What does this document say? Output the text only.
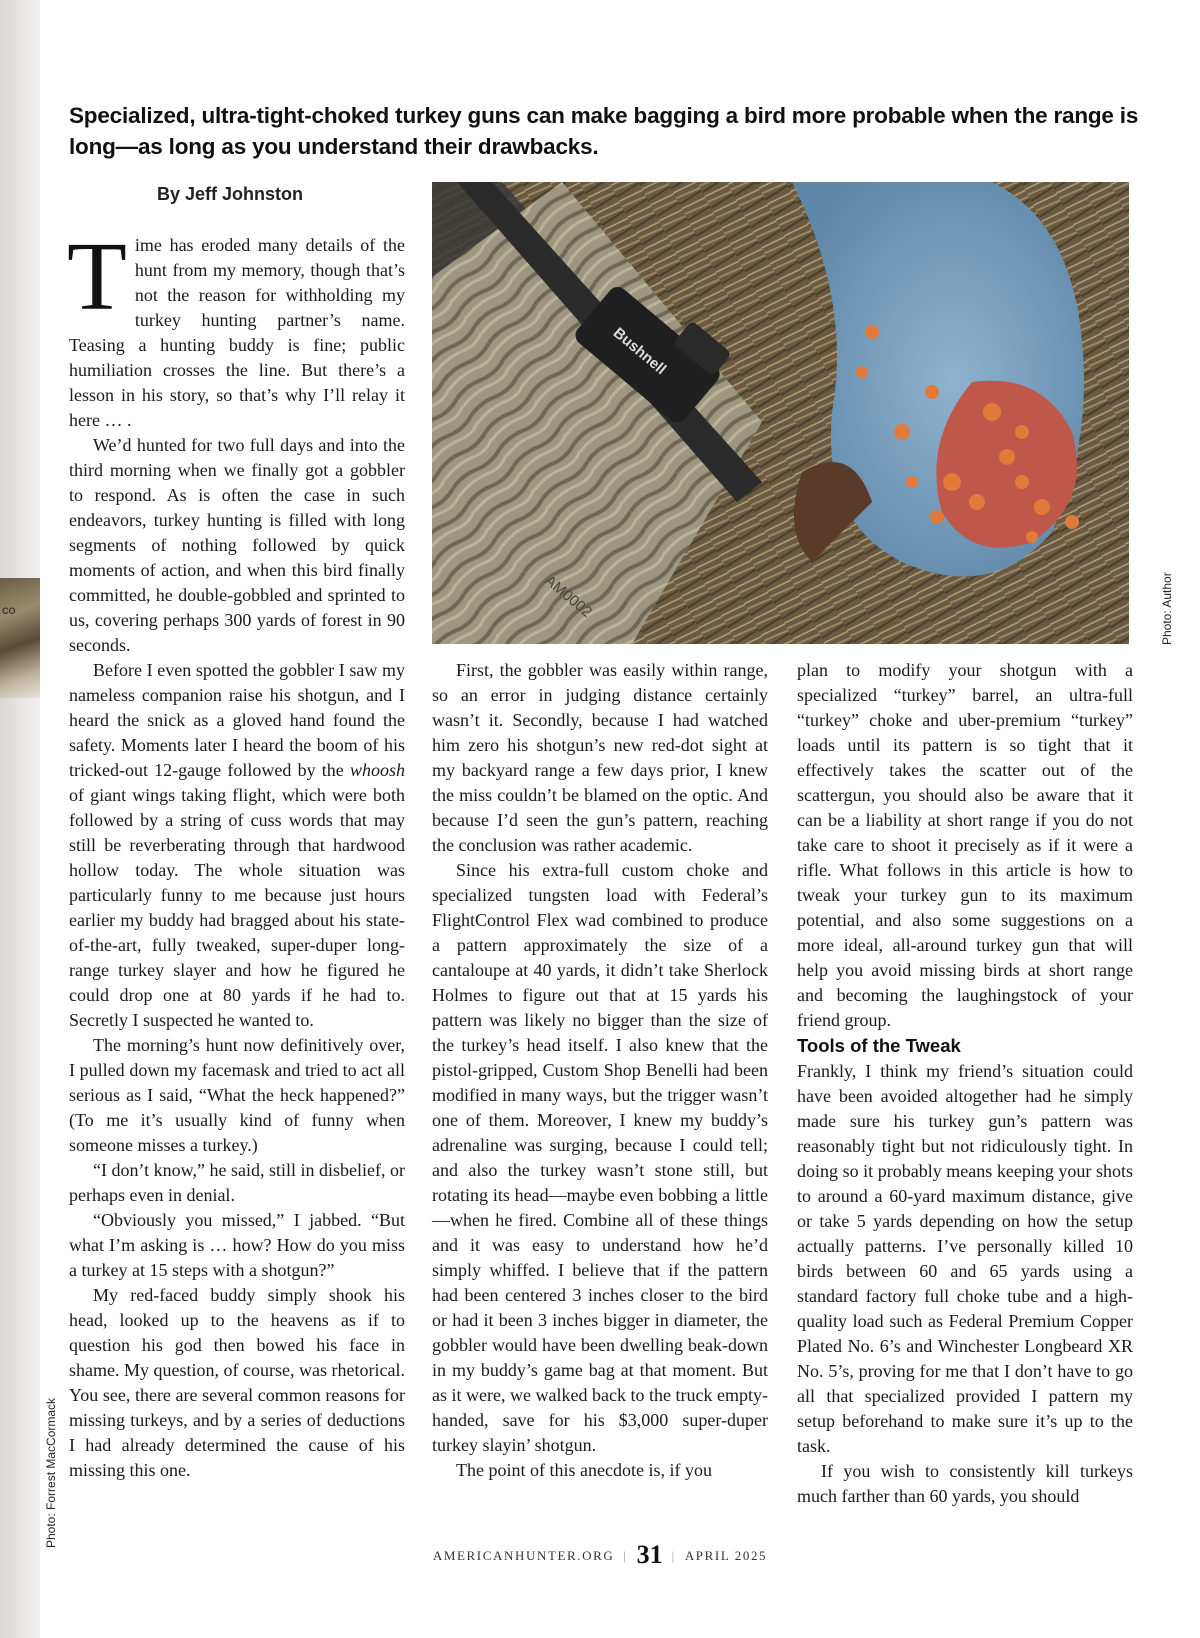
CO
Photo: Forrest MacCormack
Photo: Author
Specialized, ultra-tight-choked turkey guns can make bagging a bird more probable when the range is long—as long as you understand their drawbacks.
By Jeff Johnston
Bushnell
AM0002

Time has eroded many details of the hunt from my memory, though that’s not the reason for withholding my turkey hunting partner’s name. Teasing a hunting buddy is fine; public humiliation crosses the line. But there’s a lesson in his story, so that’s why I’ll relay it here … .

We’d hunted for two full days and into the third morning when we finally got a gobbler to respond. As is often the case in such endeavors, turkey hunting is filled with long segments of nothing followed by quick moments of action, and when this bird finally committed, he double-gobbled and sprinted to us, covering perhaps 300 yards of forest in 90 seconds.

Before I even spotted the gobbler I saw my nameless companion raise his shotgun, and I heard the snick as a gloved hand found the safety. Moments later I heard the boom of his tricked-out 12-gauge followed by the whoosh of giant wings taking flight, which were both followed by a string of cuss words that may still be reverberating through that hardwood hollow today. The whole situation was particularly funny to me because just hours earlier my buddy had bragged about his state-of-the-art, fully tweaked, super-duper long-range turkey slayer and how he figured he could drop one at 80 yards if he had to. Secretly I suspected he wanted to.

The morning’s hunt now definitively over, I pulled down my facemask and tried to act all serious as I said, “What the heck happened?” (To me it’s usually kind of funny when someone misses a turkey.)

“I don’t know,” he said, still in disbelief, or perhaps even in denial.

“Obviously you missed,” I jabbed. “But what I’m asking is … how? How do you miss a turkey at 15 steps with a shotgun?”

My red-faced buddy simply shook his head, looked up to the heavens as if to question his god then bowed his face in shame. My question, of course, was rhetorical. You see, there are several common reasons for missing turkeys, and by a series of deductions I had already determined the cause of his missing this one.

First, the gobbler was easily within range, so an error in judging distance certainly wasn’t it. Secondly, because I had watched him zero his shotgun’s new red-dot sight at my backyard range a few days prior, I knew the miss couldn’t be blamed on the optic. And because I’d seen the gun’s pattern, reaching the conclusion was rather academic.

Since his extra-full custom choke and specialized tungsten load with Federal’s FlightControl Flex wad combined to produce a pattern approximately the size of a cantaloupe at 40 yards, it didn’t take Sherlock Holmes to figure out that at 15 yards his pattern was likely no bigger than the size of the turkey’s head itself. I also knew that the pistol-gripped, Custom Shop Benelli had been modified in many ways, but the trigger wasn’t one of them. Moreover, I knew my buddy’s adrenaline was surging, because I could tell; and also the turkey wasn’t stone still, but rotating its head—maybe even bobbing a little—when he fired. Combine all of these things and it was easy to understand how he’d simply whiffed. I believe that if the pattern had been centered 3 inches closer to the bird or had it been 3 inches bigger in diameter, the gobbler would have been dwelling beak-down in my buddy’s game bag at that moment. But as it were, we walked back to the truck empty-handed, save for his $3,000 super-duper turkey slayin’ shotgun.

The point of this anecdote is, if you

plan to modify your shotgun with a specialized “turkey” barrel, an ultra-full “turkey” choke and uber-premium “turkey” loads until its pattern is so tight that it effectively takes the scatter out of the scattergun, you should also be aware that it can be a liability at short range if you do not take care to shoot it precisely as if it were a rifle. What follows in this article is how to tweak your turkey gun to its maximum potential, and also some suggestions on a more ideal, all-around turkey gun that will help you avoid missing birds at short range and becoming the laughingstock of your friend group.

Tools of the Tweak

Frankly, I think my friend’s situation could have been avoided altogether had he simply made sure his turkey gun’s pattern was reasonably tight but not ridiculously tight. In doing so it probably means keeping your shots to around a 60-yard maximum distance, give or take 5 yards depending on how the setup actually patterns. I’ve personally killed 10 birds between 60 and 65 yards using a standard factory full choke tube and a high-quality load such as Federal Premium Copper Plated No. 6’s and Winchester Longbeard XR No. 5’s, proving for me that I don’t have to go all that specialized provided I pattern my setup beforehand to make sure it’s up to the task.

If you wish to consistently kill turkeys much farther than 60 yards, you should

AMERICANHUNTER.ORG | 31 | APRIL 2025
